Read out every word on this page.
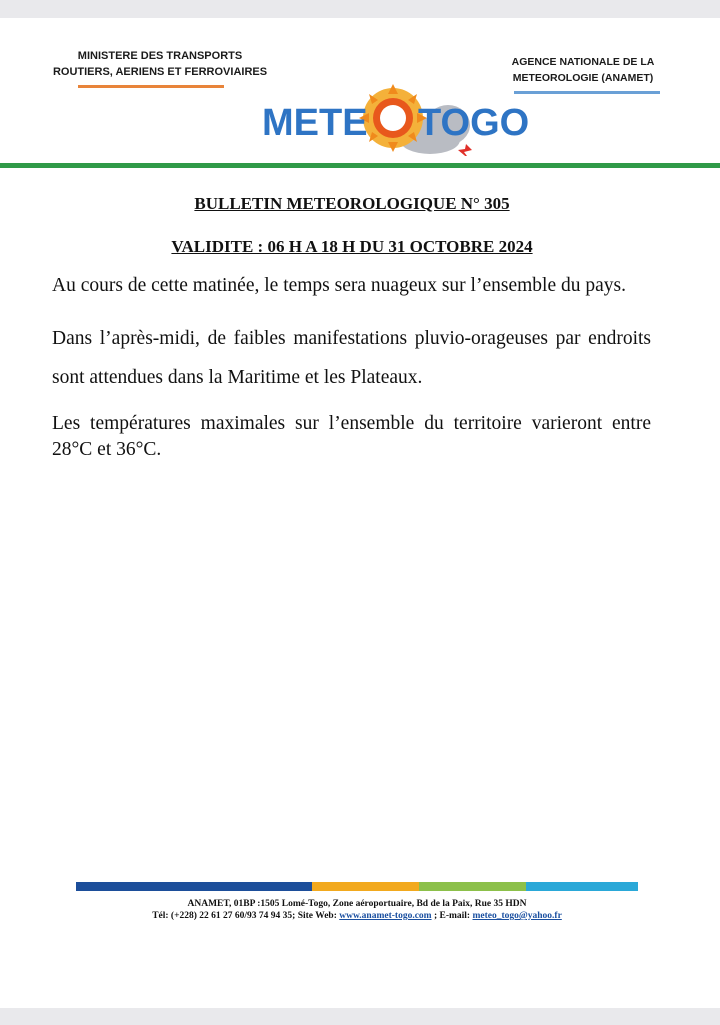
MINISTERE DES TRANSPORTS
ROUTIERS, AERIENS ET FERROVIAIRES
AGENCE NATIONALE DE LA
METEOROLOGIE (ANAMET)
METE TOGO
BULLETIN METEOROLOGIQUE N° 305
VALIDITE : 06 H A 18 H DU 31 OCTOBRE 2024

Au cours de cette matinée, le temps sera nuageux sur l’ensemble du pays.

Dans l’après-midi, de faibles manifestations pluvio-orageuses par endroits sont attendues dans la Maritime et les Plateaux.

Les températures maximales sur l’ensemble du territoire varieront entre 28°C et 36°C.

ANAMET, 01BP :1505 Lomé-Togo, Zone aéroportuaire, Bd de la Paix, Rue 35 HDN
Tél: (+228) 22 61 27 60/93 74 94 35; Site Web: www.anamet-togo.com ; E-mail: meteo_togo@yahoo.fr
